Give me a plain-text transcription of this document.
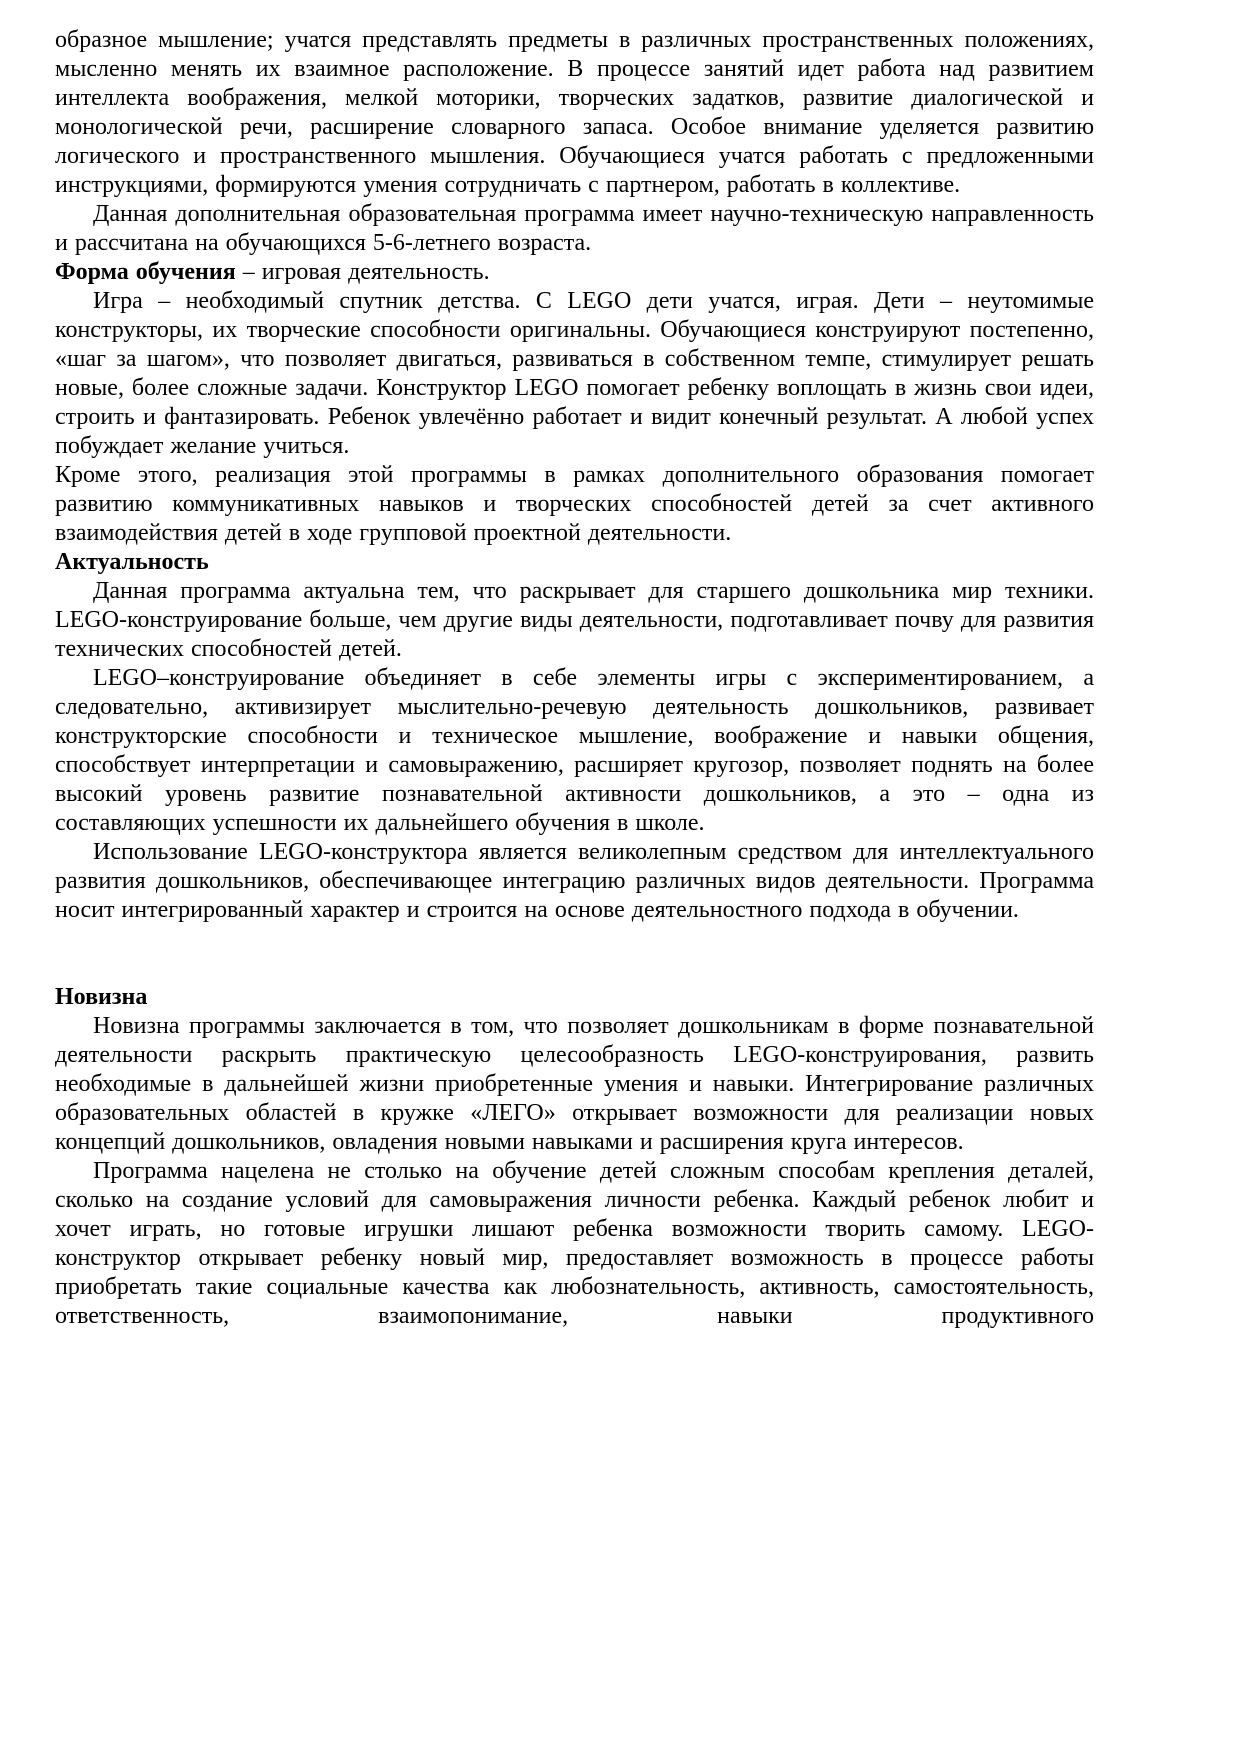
образное мышление; учатся представлять предметы в различных пространственных положениях, мысленно менять их взаимное расположение. В процессе занятий идет работа над развитием интеллекта воображения, мелкой моторики, творческих задатков, развитие диалогической и монологической речи, расширение словарного запаса. Особое внимание уделяется развитию логического и пространственного мышления. Обучающиеся учатся работать с предложенными инструкциями, формируются умения сотрудничать с партнером, работать в коллективе.

Данная дополнительная образовательная программа имеет научно-техническую направленность и рассчитана на обучающихся 5-6-летнего возраста.

Форма обучения – игровая деятельность.

Игра – необходимый спутник детства. С LEGO дети учатся, играя. Дети – неутомимые конструкторы, их творческие способности оригинальны. Обучающиеся конструируют постепенно, «шаг за шагом», что позволяет двигаться, развиваться в собственном темпе, стимулирует решать новые, более сложные задачи. Конструктор LEGO помогает ребенку воплощать в жизнь свои идеи, строить и фантазировать. Ребенок увлечённо работает и видит конечный результат. А любой успех побуждает желание учиться.

Кроме этого, реализация этой программы в рамках дополнительного образования помогает развитию коммуникативных навыков и творческих способностей детей за счет активного взаимодействия детей в ходе групповой проектной деятельности.

Актуальность

Данная программа актуальна тем, что раскрывает для старшего дошкольника мир техники. LEGO-конструирование больше, чем другие виды деятельности, подготавливает почву для развития технических способностей детей.

LEGO–конструирование объединяет в себе элементы игры с экспериментированием, а следовательно, активизирует мыслительно-речевую деятельность дошкольников, развивает конструкторские способности и техническое мышление, воображение и навыки общения, способствует интерпретации и самовыражению, расширяет кругозор, позволяет поднять на более высокий уровень развитие познавательной активности дошкольников, а это – одна из составляющих успешности их дальнейшего обучения в школе.

Использование LEGO-конструктора является великолепным средством для интеллектуального развития дошкольников, обеспечивающее интеграцию различных видов деятельности. Программа носит интегрированный характер и строится на основе деятельностного подхода в обучении.

Новизна

Новизна программы заключается в том, что позволяет дошкольникам в форме познавательной деятельности раскрыть практическую целесообразность LEGO-конструирования, развить необходимые в дальнейшей жизни приобретенные умения и навыки. Интегрирование различных образовательных областей в кружке «ЛЕГО» открывает возможности для реализации новых концепций дошкольников, овладения новыми навыками и расширения круга интересов.

Программа нацелена не столько на обучение детей сложным способам крепления деталей, сколько на создание условий для самовыражения личности ребенка. Каждый ребенок любит и хочет играть, но готовые игрушки лишают ребенка возможности творить самому. LEGO-конструктор открывает ребенку новый мир, предоставляет возможность в процессе работы приобретать такие социальные качества как любознательность, активность, самостоятельность, ответственность, взаимопонимание, навыки продуктивного
